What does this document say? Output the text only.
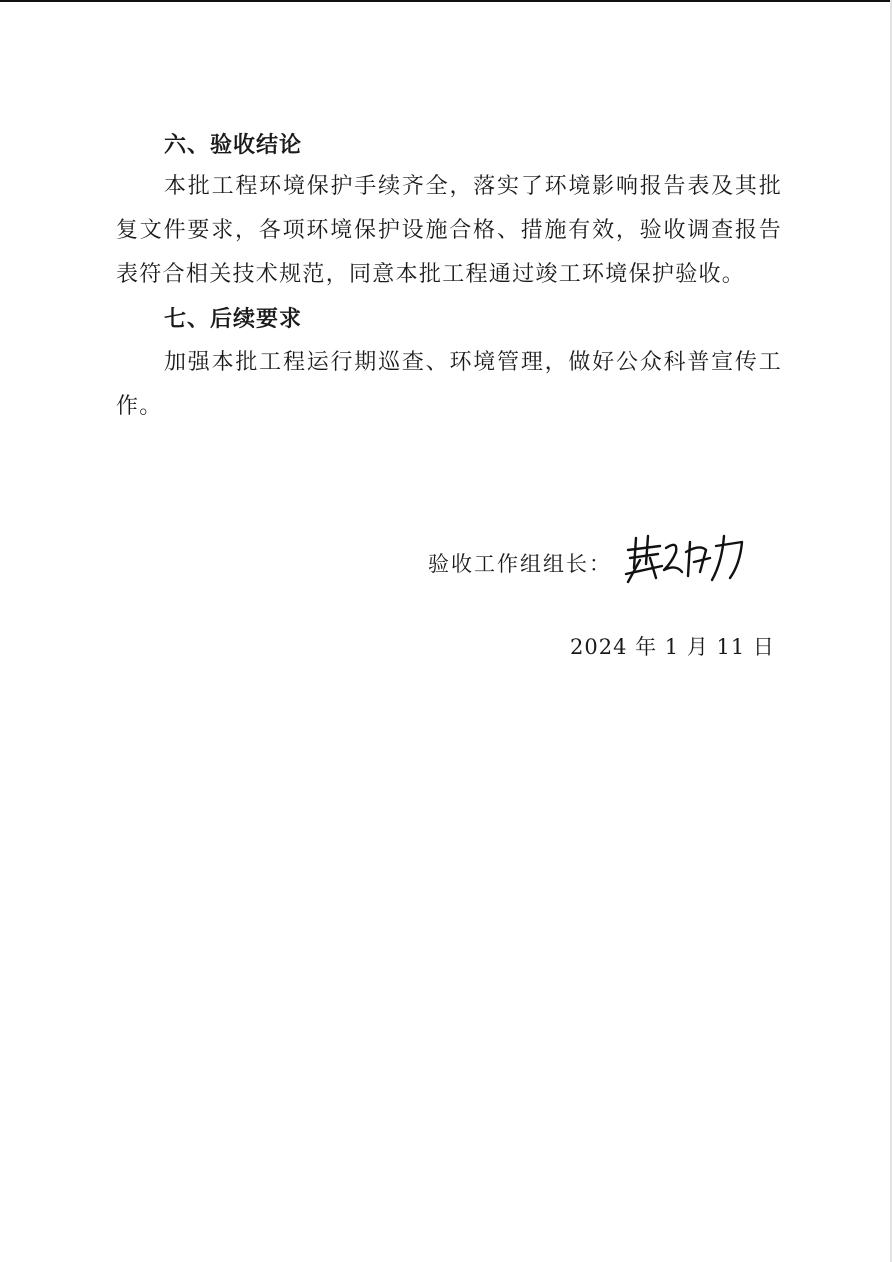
六、验收结论
本批工程环境保护手续齐全，落实了环境影响报告表及其批复文件要求，各项环境保护设施合格、措施有效，验收调查报告表符合相关技术规范，同意本批工程通过竣工环境保护验收。
七、后续要求
加强本批工程运行期巡查、环境管理，做好公众科普宣传工作。
验收工作组组长：
2024 年 1 月 11 日
